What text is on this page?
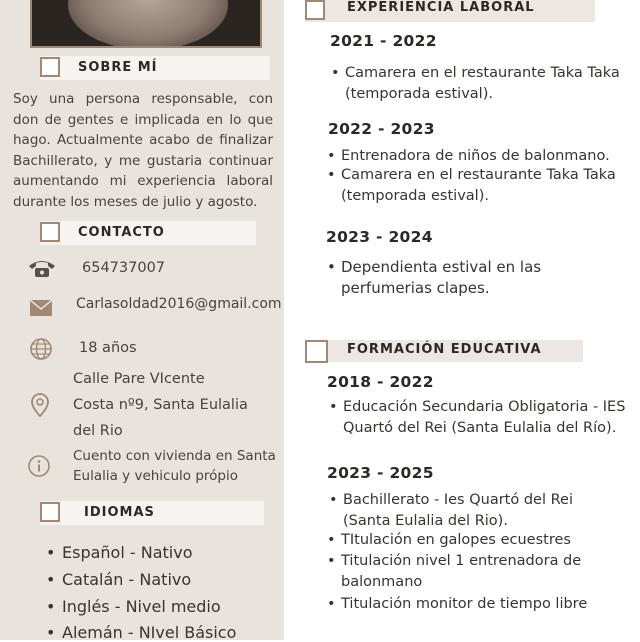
SOBRE MÍ
Soy una persona responsable, con don de gentes e implicada en lo que hago. Actualmente acabo de finalizar Bachillerato, y me gustaria continuar aumentando mi experiencia laboral durante los meses de julio y agosto.
CONTACTO
654737007
Carlasoldad2016@gmail.com
18 años
Calle Pare VIcente
Costa nº9, Santa Eulalia
del Rio
Cuento con vivienda en Santa
Eulalia y vehiculo própio
IDIOMAS
• Español - Nativo
• Catalán - Nativo
• Inglés - Nivel medio
• Alemán - NIvel Básico
EXPERIENCIA LABORAL
2021 - 2022
• Camarera en el restaurante Taka Taka (temporada estival).
2022 - 2023
• Entrenadora de niños de balonmano.
• Camarera en el restaurante Taka Taka (temporada estival).
2023 - 2024
• Dependienta estival en las perfumerias clapes.
FORMACIÓN EDUCATIVA
2018 - 2022
• Educación Secundaria Obligatoria - IES Quartó del Rei (Santa Eulalia del Río).
2023 - 2025
• Bachillerato - Ies Quartó del Rei (Santa Eulalia del Rio).
• TItulación en galopes ecuestres
• Titulación nivel 1 entrenadora de balonmano
• Titulación monitor de tiempo libre
